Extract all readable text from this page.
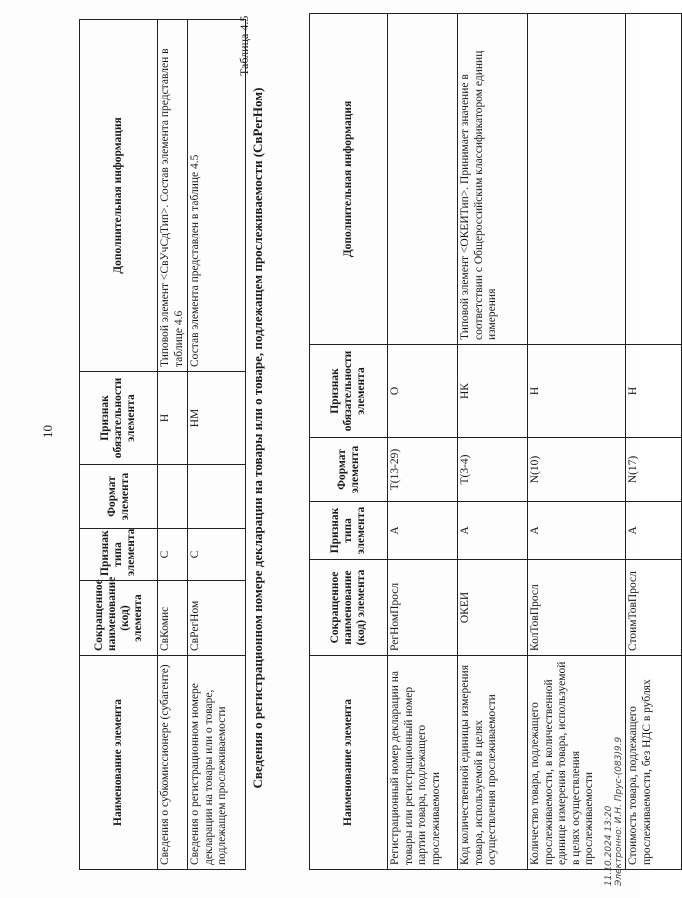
10
Наименование элемента	Сокращенное наименование (код) элемента	Признак типа элемента	Формат элемента	Признак обязательности элемента	Дополнительная информация
Сведения о субкомиссионере (субагенте)	СвКомис	С		Н	Типовой элемент <СвУчСдТип>. Состав элемента представлен в таблице 4.6
Сведения о регистрационном номере декларации на товары или о товаре, подлежащем прослеживаемости	СвРегНом	С		НМ	Состав элемента представлен в таблице 4.5
Таблица 4.5
Сведения о регистрационном номере декларации на товары или о товаре, подлежащем прослеживаемости (СвРегНом)	Наименование элемента	Сокращенное наименование (код) элемента	Признак типа элемента	Формат элемента	Признак обязательности элемента	Дополнительная информация
Регистрационный номер декларации на товары или регистрационный номер партии товара, подлежащего прослеживаемости	РегНомПросл	А	Т(13-29)	О	
Код количественной единицы измерения товара, используемой в целях осуществления прослеживаемости	ОКЕИ	А	Т(3-4)	НК	Типовой элемент <ОКЕИТип>. Принимает значение в соответствии с Общероссийским классификатором единиц измерения
Количество товара, подлежащего прослеживаемости, в количественной единице измерения товара, используемой в целях осуществления прослеживаемости	КолТовПросл	А	N(10)	Н	
Стоимость товара, подлежащего прослеживаемости, без НДС в рублях	СтоимТовПросл	А	N(17)	Н	
11.10.2024 13:20 Электронно: И.Н. Прус-(083)9.9
